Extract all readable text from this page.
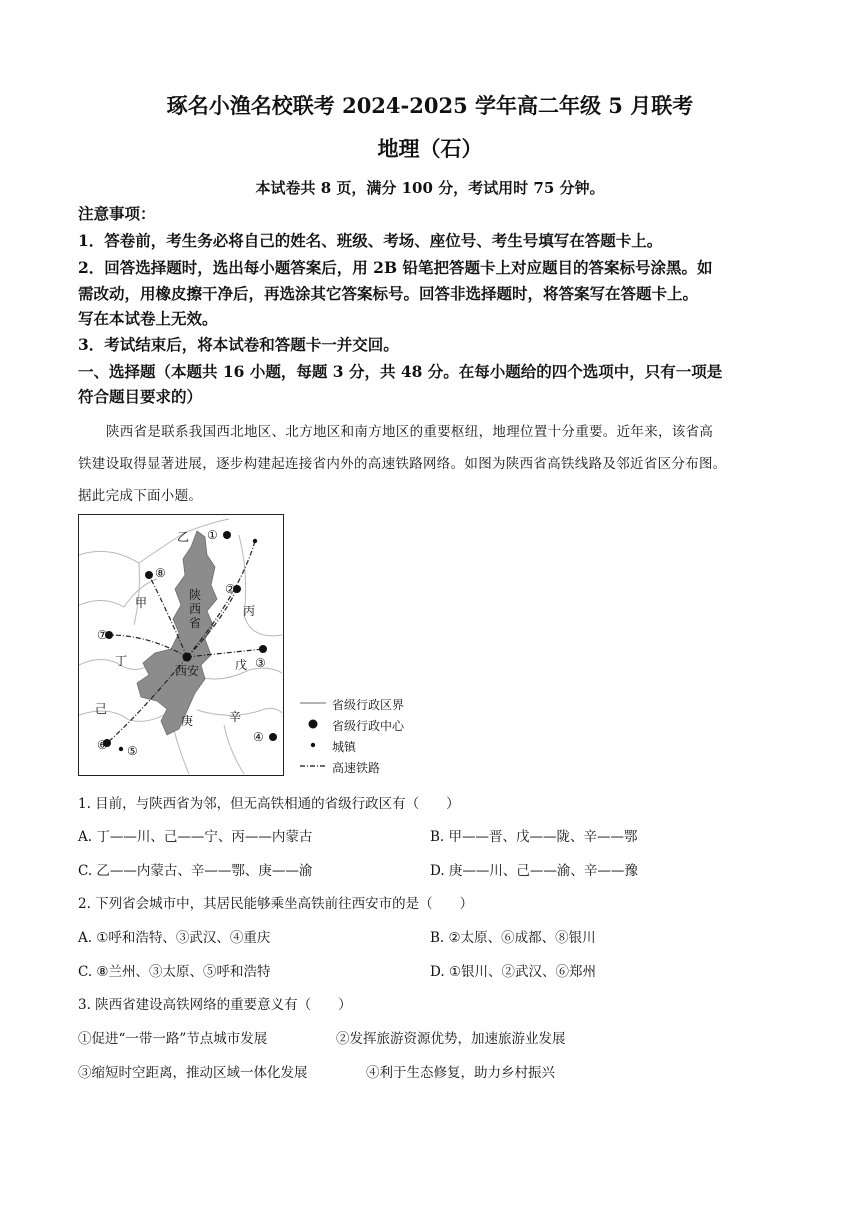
琢名小渔名校联考 2024-2025 学年高二年级 5 月联考
地理（石）
本试卷共 8 页，满分 100 分，考试用时 75 分钟。
注意事项：
1．答卷前，考生务必将自己的姓名、班级、考场、座位号、考生号填写在答题卡上。
2．回答选择题时，选出每小题答案后，用 2B 铅笔把答题卡上对应题目的答案标号涂黑。如
需改动，用橡皮擦干净后，再选涂其它答案标号。回答非选择题时，将答案写在答题卡上。
写在本试卷上无效。
3．考试结束后，将本试卷和答题卡一并交回。
一、选择题（本题共 16 小题，每题 3 分，共 48 分。在每小题给的四个选项中，只有一项是
符合题目要求的）
陕西省是联系我国西北地区、北方地区和南方地区的重要枢纽，地理位置十分重要。近年来，该省高
铁建设取得显著进展，逐步构建起连接省内外的高速铁路网络。如图为陕西省高铁线路及邻近省区分布图。
据此完成下面小题。
乙
甲
丙
丁	戊
己
庚	辛
陕
西
省
西安
①
②
③
④
⑤
⑥
⑦
⑧
省级行政区界
省级行政中心
城镇
高速铁路
1. 目前，与陕西省为邻，但无高铁相通的省级行政区有（　　）
A. 丁——川、己——宁、丙——内蒙古	B. 甲——晋、戊——陇、辛——鄂
C. 乙——内蒙古、辛——鄂、庚——渝	D. 庚——川、己——渝、辛——豫
2. 下列省会城市中，其居民能够乘坐高铁前往西安市的是（　　）
A. ①呼和浩特、③武汉、④重庆	B. ②太原、⑥成都、⑧银川
C. ⑧兰州、③太原、⑤呼和浩特	D. ①银川、②武汉、⑥郑州
3. 陕西省建设高铁网络的重要意义有（　　）
①促进“一带一路”节点城市发展	②发挥旅游资源优势，加速旅游业发展
③缩短时空距离，推动区域一体化发展	④利于生态修复，助力乡村振兴
